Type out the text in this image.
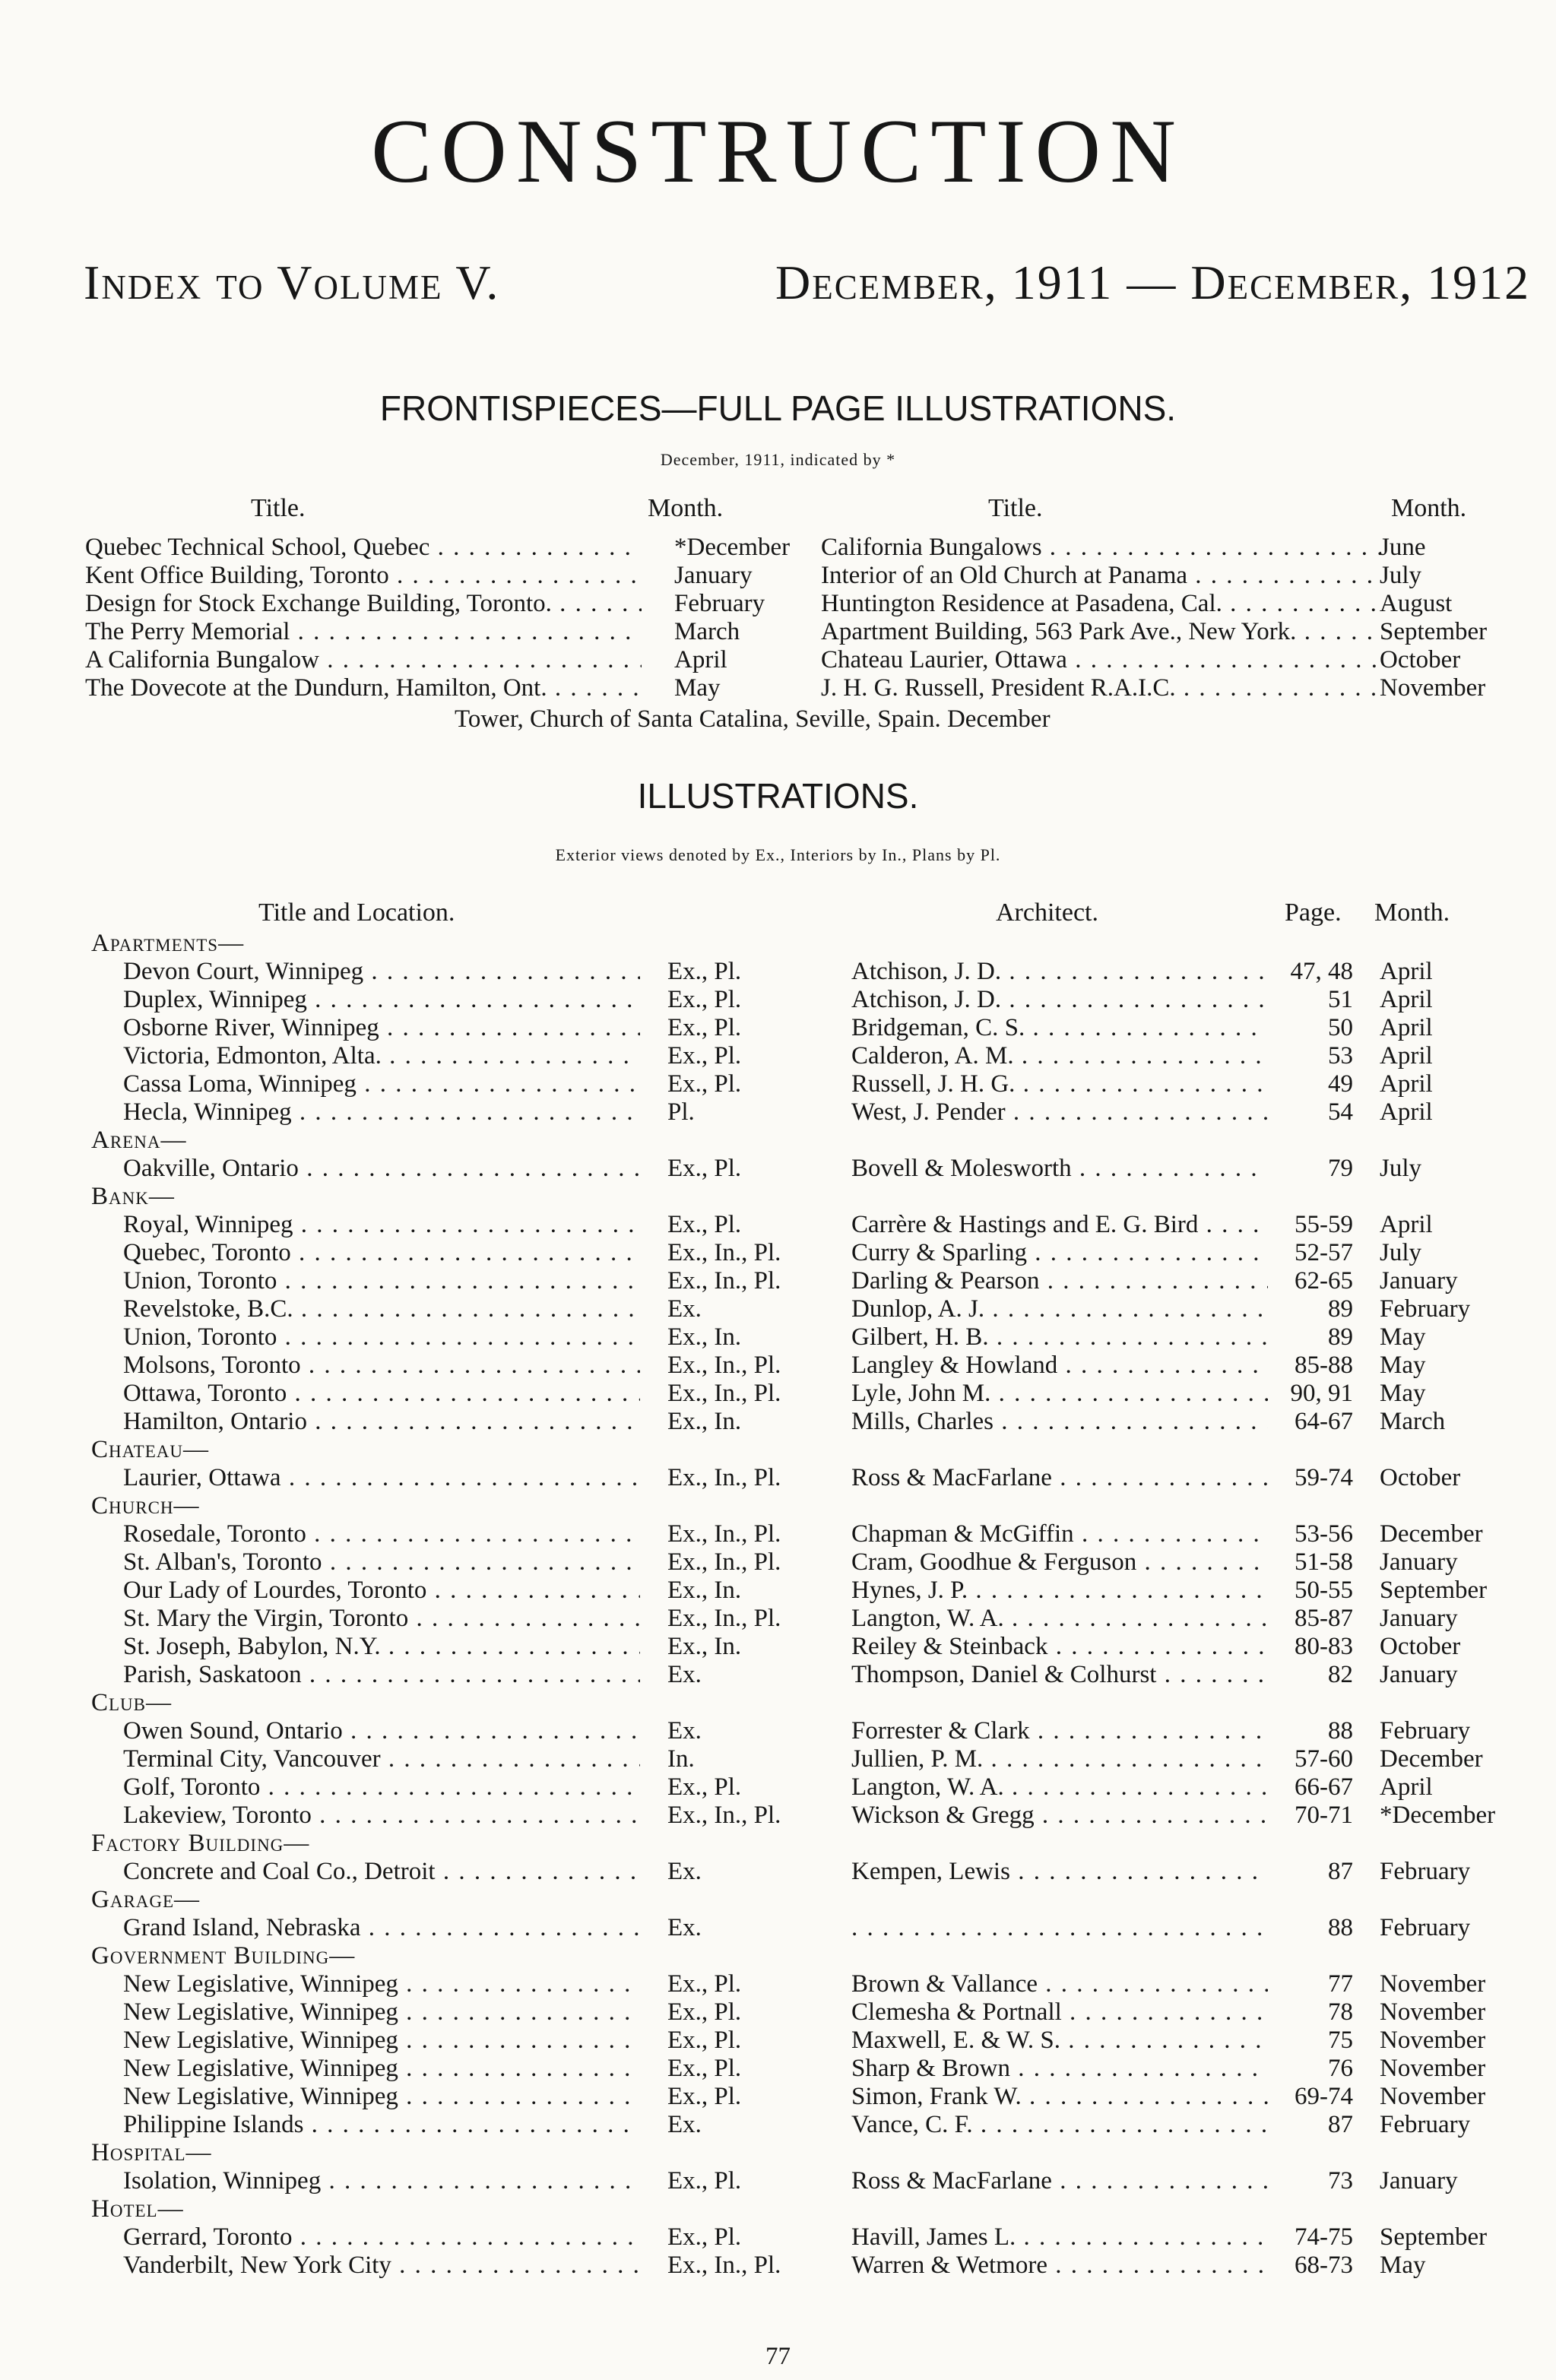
CONSTRUCTION
Index to Volume V.	December, 1911 — December, 1912
FRONTISPIECES—FULL PAGE ILLUSTRATIONS.
December, 1911, indicated by *
Title.	Month.	Title.	Month.
Quebec Technical School, Quebec . . .	*December
Kent Office Building, Toronto . . .	January
Design for Stock Exchange Building, Toronto. . . .	February
The Perry Memorial . . .	March
A California Bungalow . . .	April
The Dovecote at the Dundurn, Hamilton, Ont. . . .	May
California Bungalows . . .	June
Interior of an Old Church at Panama . . .	July
Huntington Residence at Pasadena, Cal. . . .	August
Apartment Building, 563 Park Ave., New York. . . .	September
Chateau Laurier, Ottawa . . .	October
J. H. G. Russell, President R.A.I.C. . . .	November
Tower, Church of Santa Catalina, Seville, Spain. December
ILLUSTRATIONS.
Exterior views denoted by Ex., Interiors by In., Plans by Pl.
Title and Location.	Architect.	Page. Month.
Apartments—
Devon Court, Winnipeg . . .	Ex., Pl.	Atchison, J. D. . . .	47, 48 April
Duplex, Winnipeg . . .	Ex., Pl.	Atchison, J. D. . . .	51 April
Osborne River, Winnipeg . . .	Ex., Pl.	Bridgeman, C. S. . . .	50 April
Victoria, Edmonton, Alta. . . .	Ex., Pl.	Calderon, A. M. . . .	53 April
Cassa Loma, Winnipeg . . .	Ex., Pl.	Russell, J. H. G. . . .	49 April
Hecla, Winnipeg . . .	Pl.	West, J. Pender . . .	54 April
Arena—
Oakville, Ontario . . .	Ex., Pl.	Bovell & Molesworth . . .	79 July
Bank—
Royal, Winnipeg . . .	Ex., Pl.	Carrère & Hastings and E. G. Bird . . .	55-59 April
Quebec, Toronto . . .	Ex., In., Pl.	Curry & Sparling . . .	52-57 July
Union, Toronto . . .	Ex., In., Pl.	Darling & Pearson . . .	62-65 January
Revelstoke, B.C. . . .	Ex.	Dunlop, A. J. . . .	89 February
Union, Toronto . . .	Ex., In.	Gilbert, H. B. . . .	89 May
Molsons, Toronto . . .	Ex., In., Pl.	Langley & Howland . . .	85-88 May
Ottawa, Toronto . . .	Ex., In., Pl.	Lyle, John M. . . .	90, 91 May
Hamilton, Ontario . . .	Ex., In.	Mills, Charles . . .	64-67 March
Chateau—
Laurier, Ottawa . . .	Ex., In., Pl.	Ross & MacFarlane . . .	59-74 October
Church—
Rosedale, Toronto . . .	Ex., In., Pl.	Chapman & McGiffin . . .	53-56 December
St. Alban's, Toronto . . .	Ex., In., Pl.	Cram, Goodhue & Ferguson . . .	51-58 January
Our Lady of Lourdes, Toronto . . .	Ex., In.	Hynes, J. P. . . .	50-55 September
St. Mary the Virgin, Toronto . . .	Ex., In., Pl.	Langton, W. A. . . .	85-87 January
St. Joseph, Babylon, N.Y. . . .	Ex., In.	Reiley & Steinback . . .	80-83 October
Parish, Saskatoon . . .	Ex.	Thompson, Daniel & Colhurst . . .	82 January
Club—
Owen Sound, Ontario . . .	Ex.	Forrester & Clark . . .	88 February
Terminal City, Vancouver . . .	In.	Jullien, P. M. . . .	57-60 December
Golf, Toronto . . .	Ex., Pl.	Langton, W. A. . . .	66-67 April
Lakeview, Toronto . . .	Ex., In., Pl.	Wickson & Gregg . . .	70-71 *December
Factory Building—
Concrete and Coal Co., Detroit . . .	Ex.	Kempen, Lewis . . .	87 February
Garage—
Grand Island, Nebraska . . .	Ex.
. . .	88 February
Government Building—
New Legislative, Winnipeg . . .	Ex., Pl.	Brown & Vallance . . .	77 November
New Legislative, Winnipeg . . .	Ex., Pl.	Clemesha & Portnall . . .	78 November
New Legislative, Winnipeg . . .	Ex., Pl.	Maxwell, E. & W. S. . . .	75 November
New Legislative, Winnipeg . . .	Ex., Pl.	Sharp & Brown . . .	76 November
New Legislative, Winnipeg . . .	Ex., Pl.	Simon, Frank W. . . .	69-74 November
Philippine Islands . . .	Ex.	Vance, C. F. . . .	87 February
Hospital—
Isolation, Winnipeg . . .	Ex., Pl.	Ross & MacFarlane . . .	73 January
Hotel—
Gerrard, Toronto . . .	Ex., Pl.	Havill, James L. . . .	74-75 September
Vanderbilt, New York City . . .	Ex., In., Pl.	Warren & Wetmore . . .	68-73 May
77
